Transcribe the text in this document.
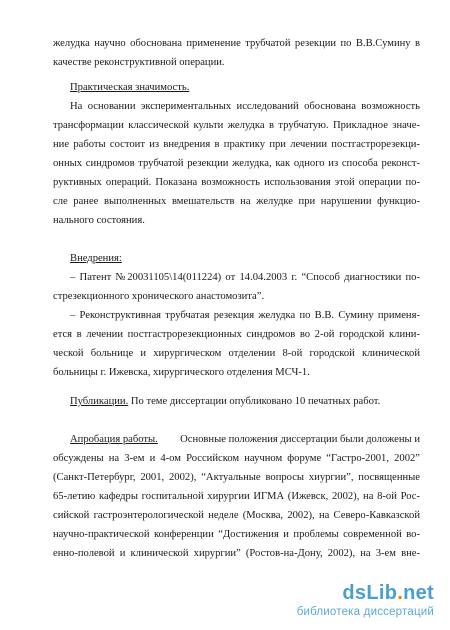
желудка научно обоснована применение трубчатой резекции по В.В.Сумину в
качестве реконструктивной операции.
Практическая значимость.
На основании экспериментальных исследований обоснована возможность
трансформации классической культи желудка в трубчатую. Прикладное значе-
ние работы состоит из внедрения в практику при лечении постгастрорезекци-
онных синдромов трубчатой резекции желудка, как одного из способа реконст-
руктивных операций. Показана возможность использования этой операции по-
сле ранее выполненных вмешательств на желудке при нарушении функцио-
нального состояния.
Внедрения:
– Патент №20031105\14(011224) от 14.04.2003 г. “Способ диагностики по-
стрезекционного хронического анастомозита”.
– Реконструктивная трубчатая резекция желудка по В.В. Сумину применя-
ется в лечении постгастрорезекционных синдромов во 2-ой городской клини-
ческой больнице и хирургическом отделении 8-ой городской клинической
больницы г. Ижевска, хирургического отделения МСЧ-1.
Публикации. По теме диссертации опубликовано 10 печатных работ.
Апробация работы. Основные положения диссертации были доложены и
обсуждены на 3-ем и 4-ом Российском научном форуме “Гастро-2001, 2002”
(Санкт-Петербург, 2001, 2002), “Актуальные вопросы хиургии”, посвященные
65-летию кафедры госпитальной хирургии ИГМА (Ижевск, 2002), на 8-ой Рос-
сийской гастроэнтерологической неделе (Москва, 2002), на Северо-Кавказской
научно-практической конференции “Достижения и проблемы современной во-
енно-полевой и клинической хирургии” (Ростов-на-Дону, 2002), на 3-ем вне-
dsLib.net
библиотека диссертаций
